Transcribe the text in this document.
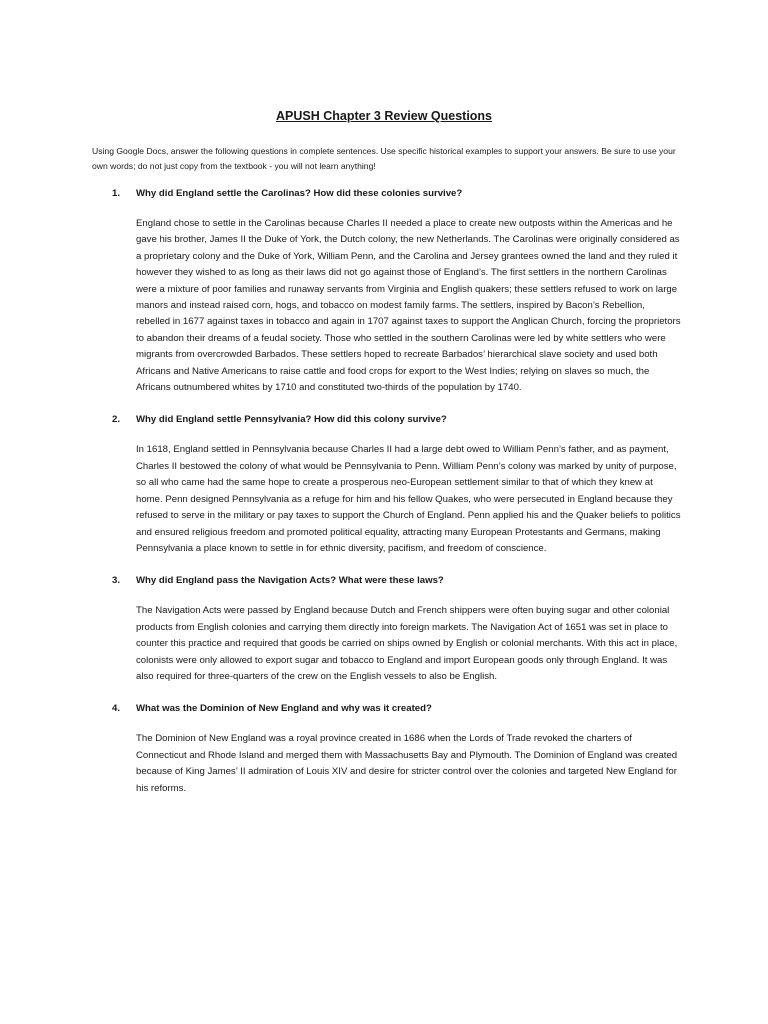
APUSH Chapter 3 Review Questions

Using Google Docs, answer the following questions in complete sentences. Use specific historical examples to support your answers. Be sure to use your own words; do not just copy from the textbook - you will not learn anything!

1. Why did England settle the Carolinas? How did these colonies survive?

England chose to settle in the Carolinas because Charles II needed a place to create new outposts within the Americas and he gave his brother, James II the Duke of York, the Dutch colony, the new Netherlands. The Carolinas were originally considered as a proprietary colony and the Duke of York, William Penn, and the Carolina and Jersey grantees owned the land and they ruled it however they wished to as long as their laws did not go against those of England’s. The first settlers in the northern Carolinas were a mixture of poor families and runaway servants from Virginia and English quakers; these settlers refused to work on large manors and instead raised corn, hogs, and tobacco on modest family farms. The settlers, inspired by Bacon’s Rebellion, rebelled in 1677 against taxes in tobacco and again in 1707 against taxes to support the Anglican Church, forcing the proprietors to abandon their dreams of a feudal society. Those who settled in the southern Carolinas were led by white settlers who were migrants from overcrowded Barbados. These settlers hoped to recreate Barbados’ hierarchical slave society and used both Africans and Native Americans to raise cattle and food crops for export to the West Indies; relying on slaves so much, the Africans outnumbered whites by 1710 and constituted two-thirds of the population by 1740.

2. Why did England settle Pennsylvania? How did this colony survive?

In 1618, England settled in Pennsylvania because Charles II had a large debt owed to William Penn’s father, and as payment, Charles II bestowed the colony of what would be Pennsylvania to Penn. William Penn’s colony was marked by unity of purpose, so all who came had the same hope to create a prosperous neo-European settlement similar to that of which they knew at home. Penn designed Pennsylvania as a refuge for him and his fellow Quakes, who were persecuted in England because they refused to serve in the military or pay taxes to support the Church of England. Penn applied his and the Quaker beliefs to politics and ensured religious freedom and promoted political equality, attracting many European Protestants and Germans, making Pennsylvania a place known to settle in for ethnic diversity, pacifism, and freedom of conscience.

3. Why did England pass the Navigation Acts? What were these laws?

The Navigation Acts were passed by England because Dutch and French shippers were often buying sugar and other colonial products from English colonies and carrying them directly into foreign markets. The Navigation Act of 1651 was set in place to counter this practice and required that goods be carried on ships owned by English or colonial merchants. With this act in place, colonists were only allowed to export sugar and tobacco to England and import European goods only through England. It was also required for three-quarters of the crew on the English vessels to also be English.

4. What was the Dominion of New England and why was it created?

The Dominion of New England was a royal province created in 1686 when the Lords of Trade revoked the charters of Connecticut and Rhode Island and merged them with Massachusetts Bay and Plymouth. The Dominion of England was created because of King James’ II admiration of Louis XIV and desire for stricter control over the colonies and targeted New England for his reforms.
